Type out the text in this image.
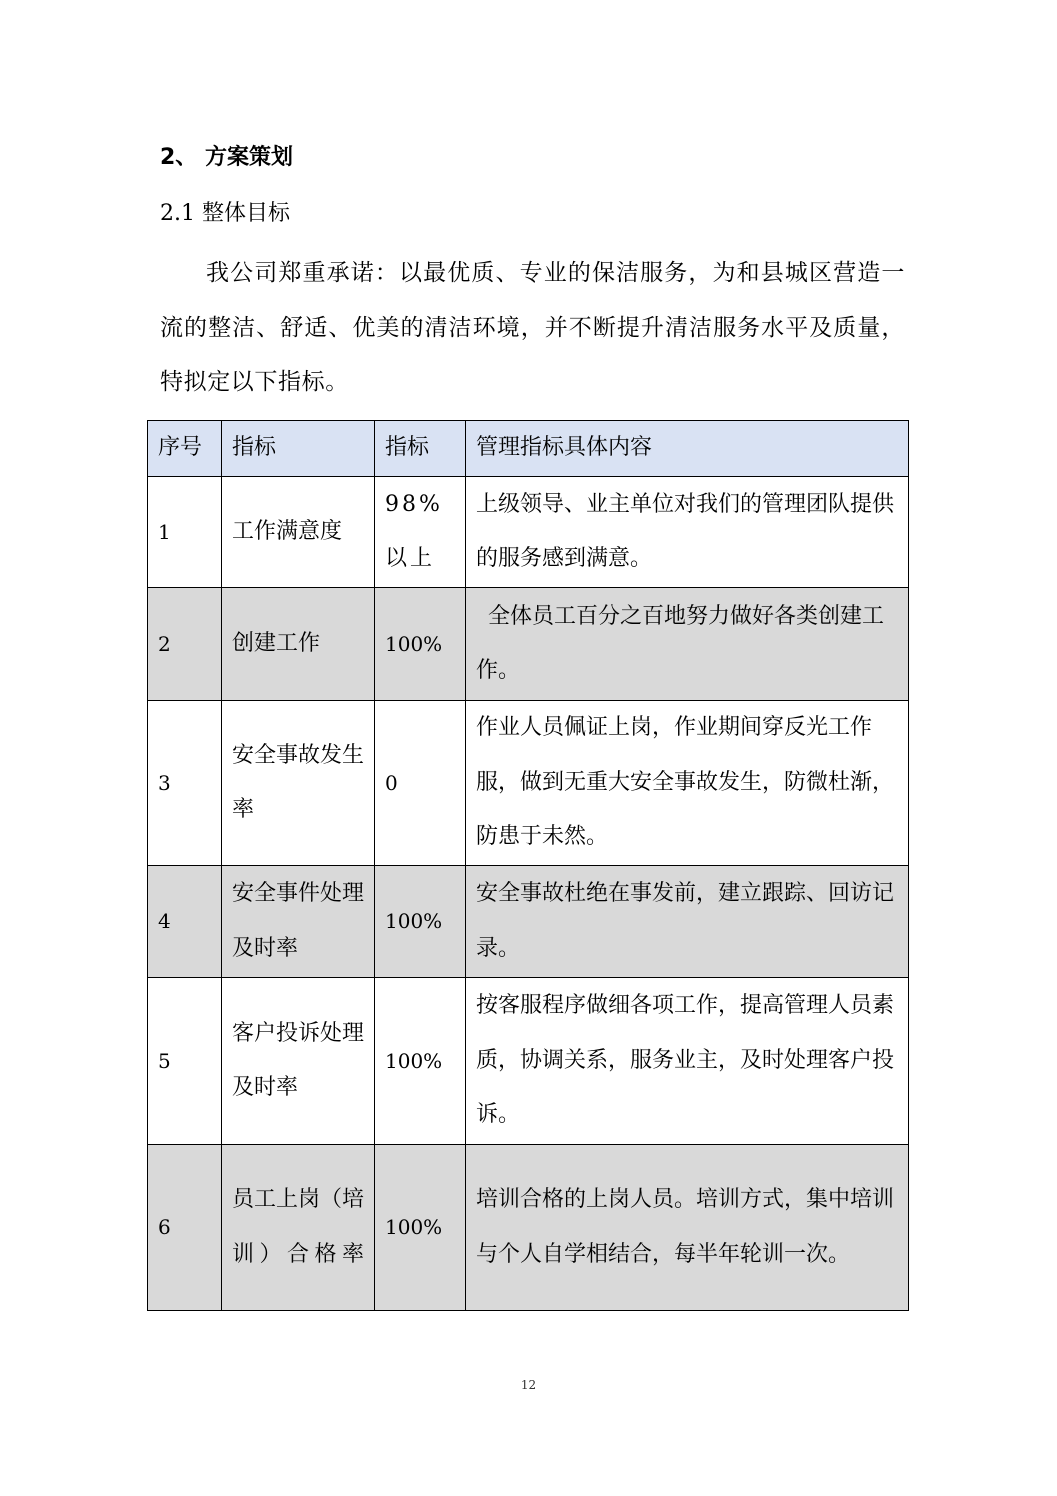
2、 方案策划
2.1 整体目标
我公司郑重承诺：以最优质、专业的保洁服务，为和县城区营造一流的整洁、舒适、优美的清洁环境，并不断提升清洁服务水平及质量，特拟定以下指标。
序号	指标	指标	管理指标具体内容
1	工作满意度	98%以上	上级领导、业主单位对我们的管理团队提供的服务感到满意。
2	创建工作	100%	全体员工百分之百地努力做好各类创建工作。
3	安全事故发生率	0	作业人员佩证上岗，作业期间穿反光工作服，做到无重大安全事故发生，防微杜渐，防患于未然。
4	安全事件处理及时率	100%	安全事故杜绝在事发前，建立跟踪、回访记录。
5	客户投诉处理及时率	100%	按客服程序做细各项工作，提高管理人员素质，协调关系，服务业主，及时处理客户投诉。
6	员工上岗（培训）合格率	100%	培训合格的上岗人员。培训方式，集中培训与个人自学相结合，每半年轮训一次。
12
